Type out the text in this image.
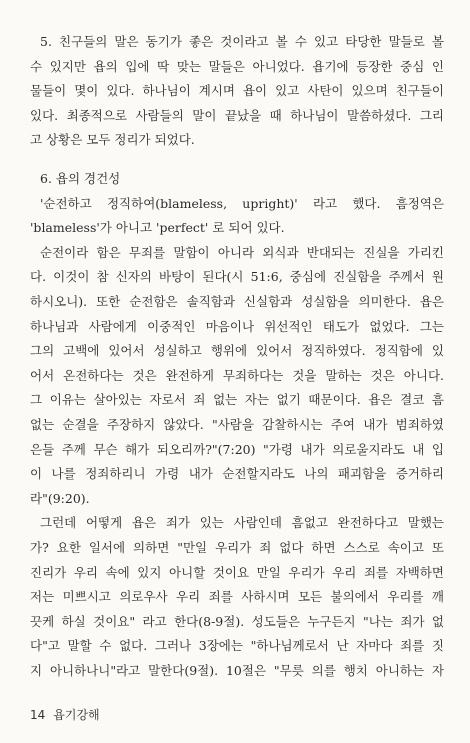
5. 친구들의 말은 동기가 좋은 것이라고 볼 수 있고 타당한 말들로 볼
수 있지만 욥의 입에 딱 맞는 말들은 아니었다. 욥기에 등장한 중심 인
물들이 몇이 있다. 하나님이 계시며 욥이 있고 사탄이 있으며 친구들이
있다. 최종적으로 사람들의 말이 끝났을 때 하나님이 말씀하셨다. 그리
고 상황은 모두 정리가 되었다.
6. 욥의 경건성
'순전하고 정직하여(blameless, upright)' 라고 했다. 흠정역은
'blameless'가 아니고 'perfect' 로 되어 있다.
순전이라 함은 무죄를 말함이 아니라 외식과 반대되는 진실을 가리킨
다. 이것이 참 신자의 바탕이 된다(시 51:6, 중심에 진실함을 주께서 원
하시오니). 또한 순전함은 솔직함과 신실함과 성실함을 의미한다. 욥은
하나님과 사람에게 이중적인 마음이나 위선적인 태도가 없었다. 그는
그의 고백에 있어서 성실하고 행위에 있어서 정직하였다. 정직함에 있
어서 온전하다는 것은 완전하게 무죄하다는 것을 말하는 것은 아니다.
그 이유는 살아있는 자로서 죄 없는 자는 없기 때문이다. 욥은 결코 흠
없는 순결을 주장하지 않았다. "사람을 감찰하시는 주여 내가 범죄하였
은들 주께 무슨 해가 되오리까?"(7:20) "가령 내가 의로울지라도 내 입
이 나를 정죄하리니 가령 내가 순전할지라도 나의 패괴함을 증거하리
라"(9:20).
그런데 어떻게 욥은 죄가 있는 사람인데 흠없고 완전하다고 말했는
가? 요한 일서에 의하면 "만일 우리가 죄 없다 하면 스스로 속이고 또
진리가 우리 속에 있지 아니할 것이요 만일 우리가 우리 죄를 자백하면
저는 미쁘시고 의로우사 우리 죄를 사하시며 모든 불의에서 우리를 깨
끗케 하실 것이요" 라고 한다(8-9절). 성도들은 누구든지 "나는 죄가 없
다"고 말할 수 없다. 그러나 3장에는 "하나님께로서 난 자마다 죄를 짓
지 아니하나니"라고 말한다(9절). 10절은 "무릇 의를 행치 아니하는 자
14 욥기강해
